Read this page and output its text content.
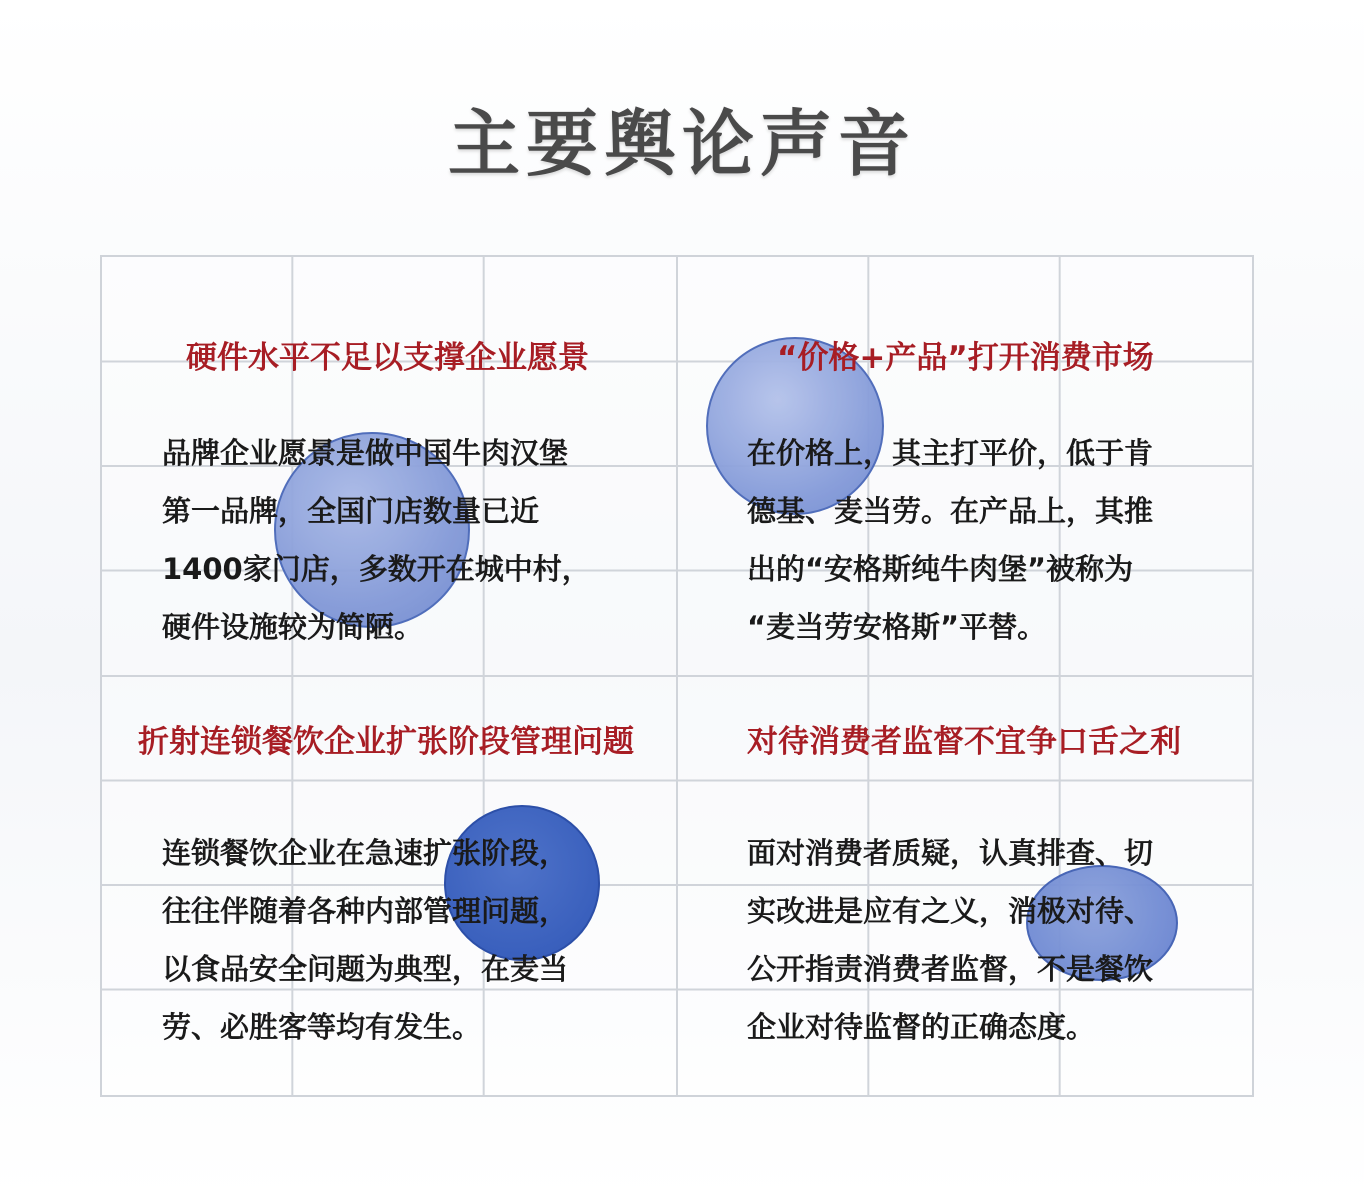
主要舆论声音
硬件水平不足以支撑企业愿景	“价格+产品”打开消费市场
折射连锁餐饮企业扩张阶段管理问题	对待消费者监督不宜争口舌之利
品牌企业愿景是做中国牛肉汉堡
第一品牌，全国门店数量已近
1400家门店，多数开在城中村，
硬件设施较为简陋。
在价格上，其主打平价，低于肯
德基、麦当劳。在产品上，其推
出的“安格斯纯牛肉堡”被称为
“麦当劳安格斯”平替。
连锁餐饮企业在急速扩张阶段，
往往伴随着各种内部管理问题，
以食品安全问题为典型，在麦当
劳、必胜客等均有发生。
面对消费者质疑，认真排查、切
实改进是应有之义，消极对待、
公开指责消费者监督，不是餐饮
企业对待监督的正确态度。
